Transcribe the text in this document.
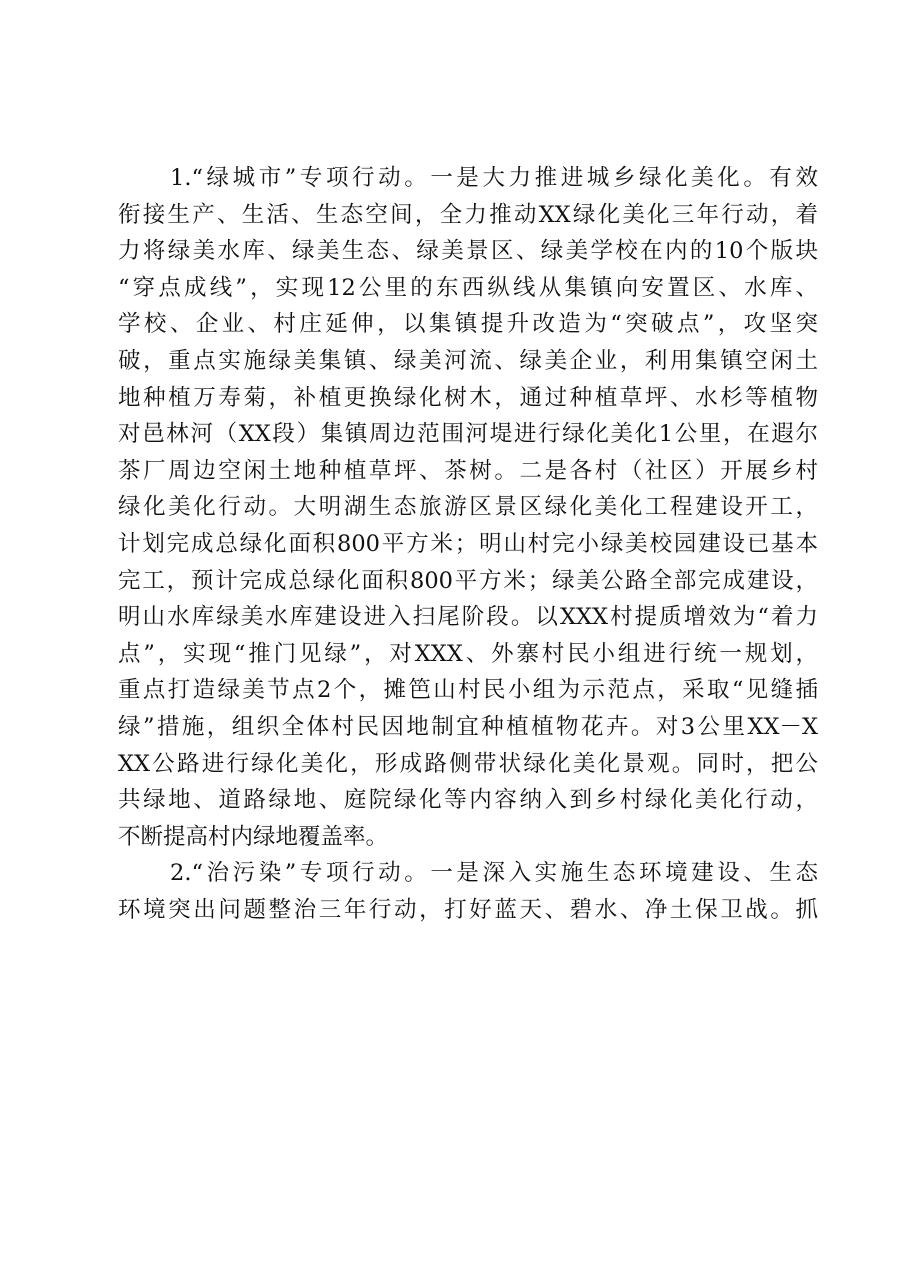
1.“绿城市”专项行动。一是大力推进城乡绿化美化。有效
衔接生产、生活、生态空间，全力推动XX绿化美化三年行动，着
力将绿美水库、绿美生态、绿美景区、绿美学校在内的10个版块
“穿点成线”，实现12公里的东西纵线从集镇向安置区、水库、
学校、企业、村庄延伸，以集镇提升改造为“突破点”，攻坚突
破，重点实施绿美集镇、绿美河流、绿美企业，利用集镇空闲土
地种植万寿菊，补植更换绿化树木，通过种植草坪、水杉等植物
对邑林河（XX段）集镇周边范围河堤进行绿化美化1公里，在遐尔
茶厂周边空闲土地种植草坪、茶树。二是各村（社区）开展乡村
绿化美化行动。大明湖生态旅游区景区绿化美化工程建设开工，
计划完成总绿化面积800平方米；明山村完小绿美校园建设已基本
完工，预计完成总绿化面积800平方米；绿美公路全部完成建设，
明山水库绿美水库建设进入扫尾阶段。以XXX村提质增效为“着力
点”，实现“推门见绿”，对XXX、外寨村民小组进行统一规划，
重点打造绿美节点2个，摊笆山村民小组为示范点，采取“见缝插
绿”措施，组织全体村民因地制宜种植植物花卉。对3公里XX－X
XX公路进行绿化美化，形成路侧带状绿化美化景观。同时，把公
共绿地、道路绿地、庭院绿化等内容纳入到乡村绿化美化行动，
不断提高村内绿地覆盖率。
2.“治污染”专项行动。一是深入实施生态环境建设、生态
环境突出问题整治三年行动，打好蓝天、碧水、净土保卫战。抓
